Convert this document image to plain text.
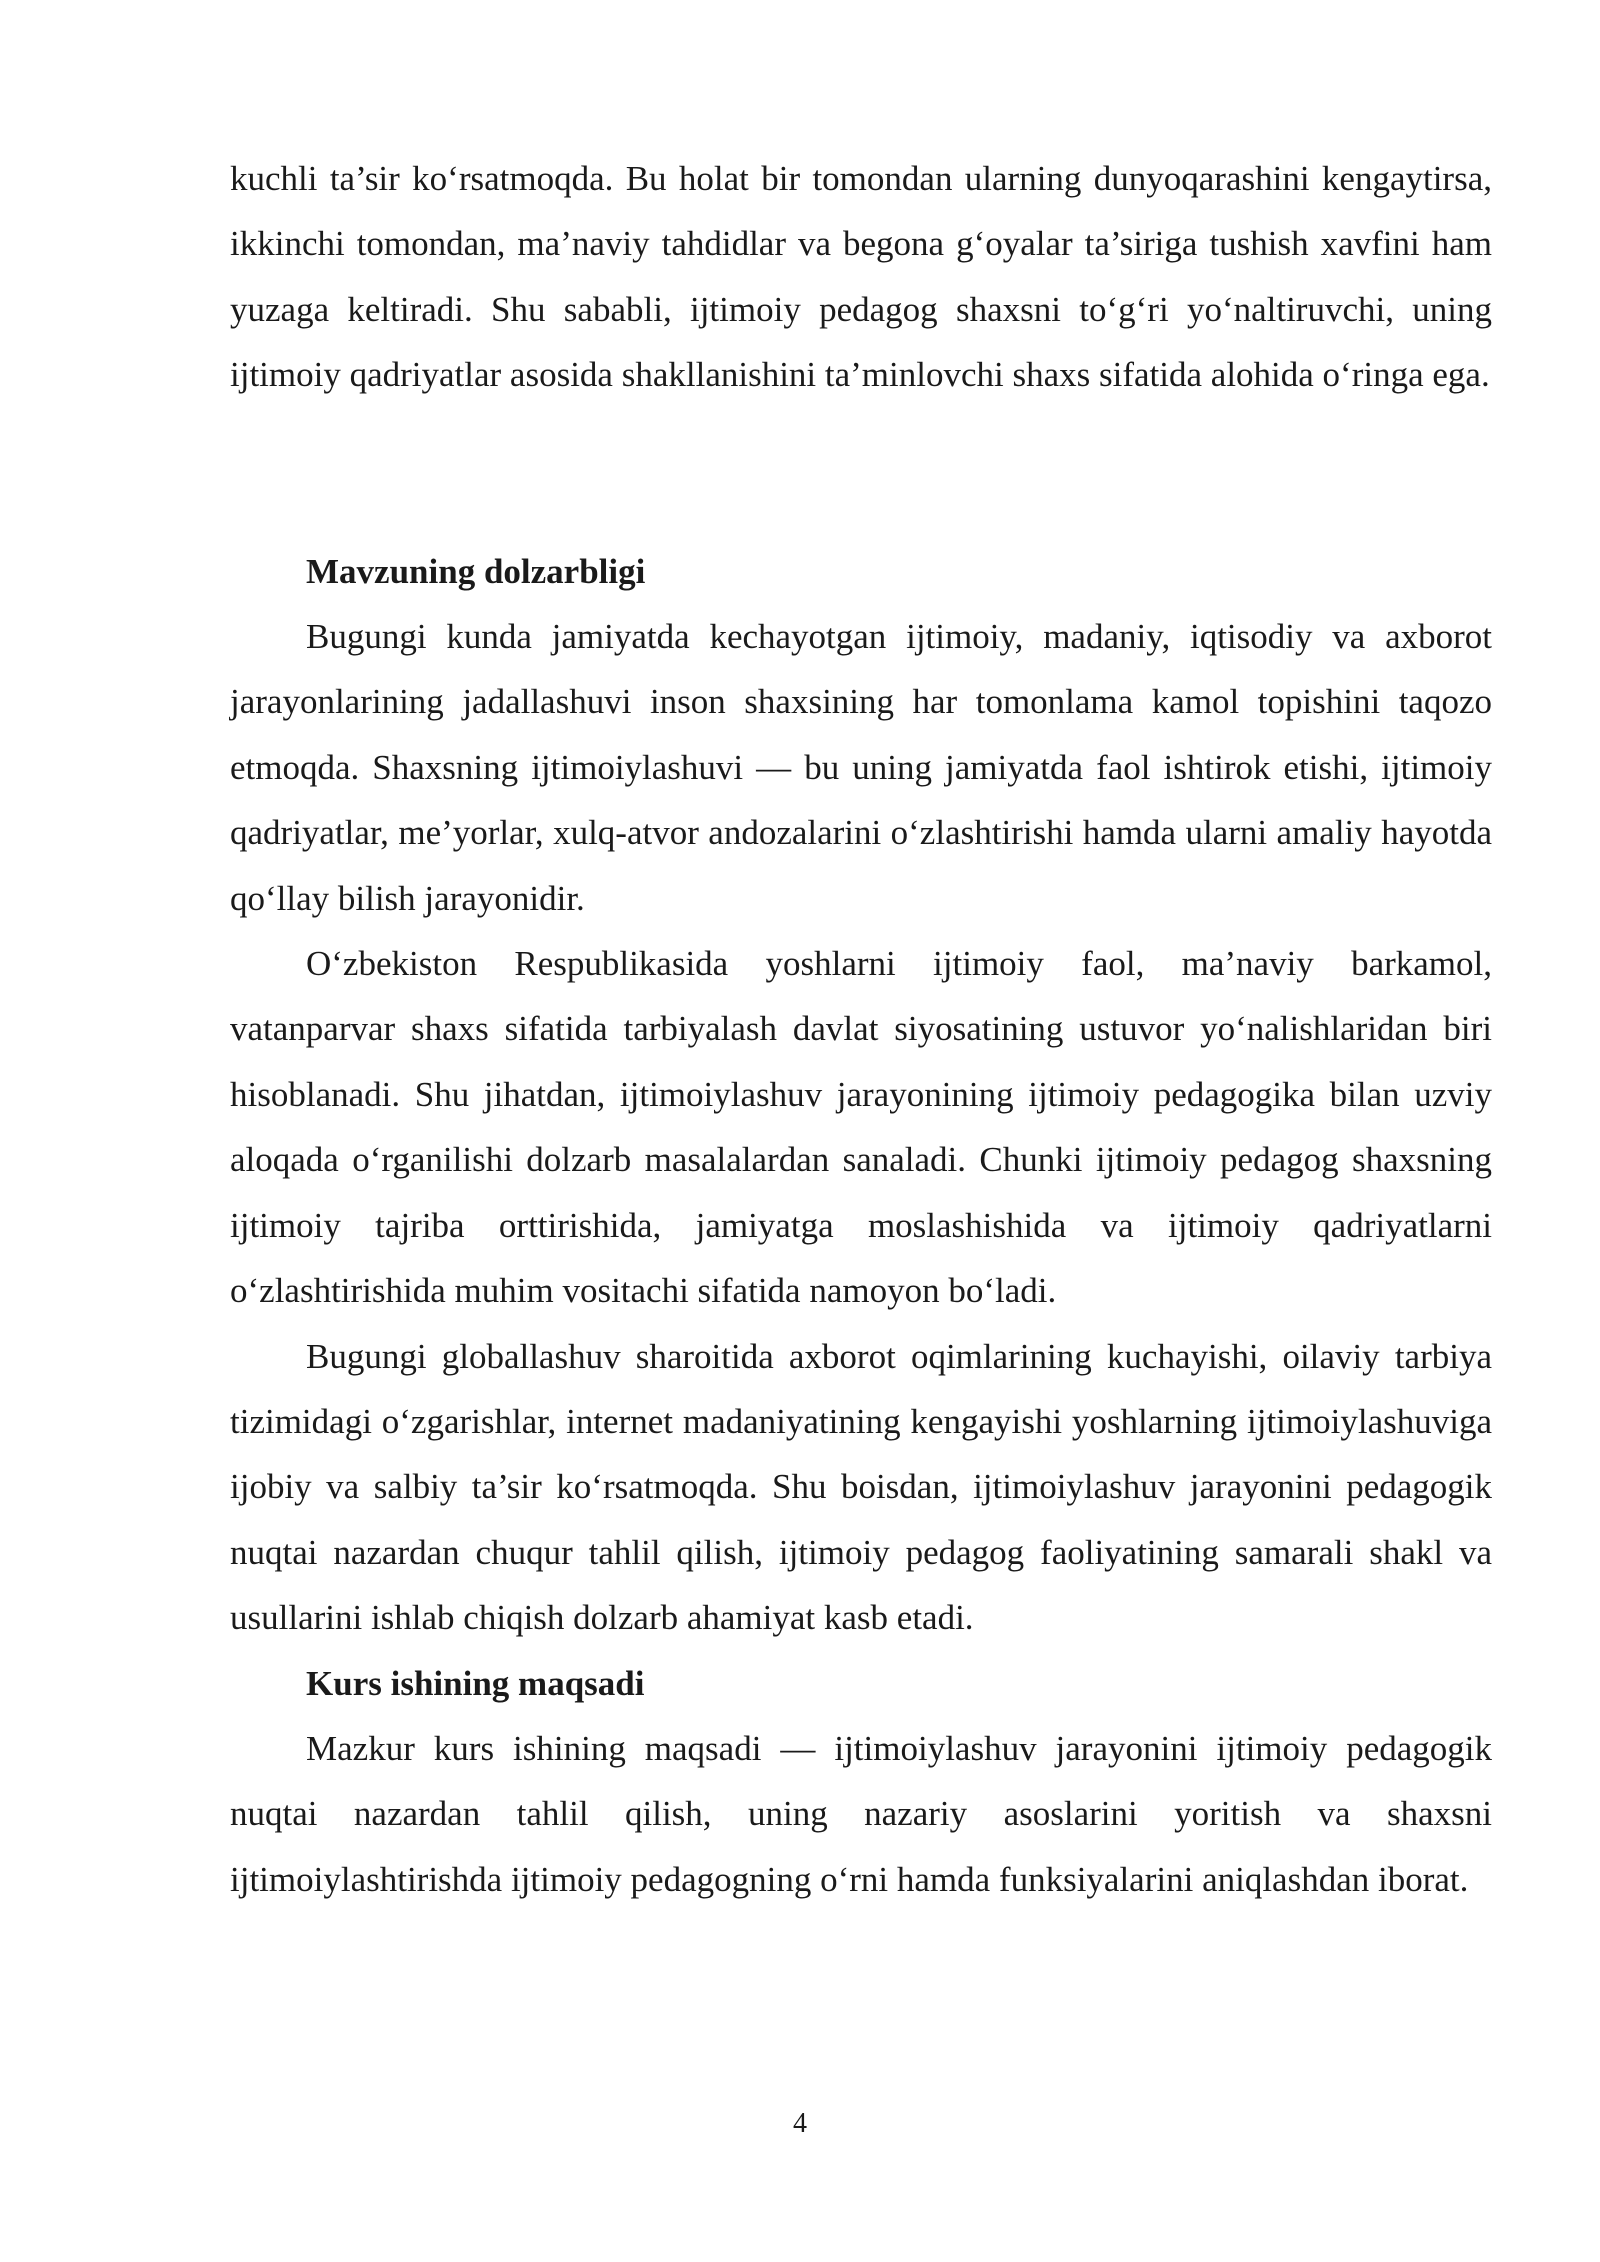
kuchli ta’sir ko‘rsatmoqda. Bu holat bir tomondan ularning dunyoqarashini kengaytirsa, ikkinchi tomondan, ma’naviy tahdidlar va begona g‘oyalar ta’siriga tushish xavfini ham yuzaga keltiradi. Shu sababli, ijtimoiy pedagog shaxsni to‘g‘ri yo‘naltiruvchi, uning ijtimoiy qadriyatlar asosida shakllanishini ta’minlovchi shaxs sifatida alohida o‘ringa ega.

Mavzuning dolzarbligi

Bugungi kunda jamiyatda kechayotgan ijtimoiy, madaniy, iqtisodiy va axborot jarayonlarining jadallashuvi inson shaxsining har tomonlama kamol topishini taqozo etmoqda. Shaxsning ijtimoiylashuvi — bu uning jamiyatda faol ishtirok etishi, ijtimoiy qadriyatlar, me’yorlar, xulq-atvor andozalarini o‘zlashtirishi hamda ularni amaliy hayotda qo‘llay bilish jarayonidir.

O‘zbekiston Respublikasida yoshlarni ijtimoiy faol, ma’naviy barkamol, vatanparvar shaxs sifatida tarbiyalash davlat siyosatining ustuvor yo‘nalishlaridan biri hisoblanadi. Shu jihatdan, ijtimoiylashuv jarayonining ijtimoiy pedagogika bilan uzviy aloqada o‘rganilishi dolzarb masalalardan sanaladi. Chunki ijtimoiy pedagog shaxsning ijtimoiy tajriba orttirishida, jamiyatga moslashishida va ijtimoiy qadriyatlarni o‘zlashtirishida muhim vositachi sifatida namoyon bo‘ladi.

Bugungi globallashuv sharoitida axborot oqimlarining kuchayishi, oilaviy tarbiya tizimidagi o‘zgarishlar, internet madaniyatining kengayishi yoshlarning ijtimoiylashuviga ijobiy va salbiy ta’sir ko‘rsatmoqda. Shu boisdan, ijtimoiylashuv jarayonini pedagogik nuqtai nazardan chuqur tahlil qilish, ijtimoiy pedagog faoliyatining samarali shakl va usullarini ishlab chiqish dolzarb ahamiyat kasb etadi.

Kurs ishining maqsadi

Mazkur kurs ishining maqsadi — ijtimoiylashuv jarayonini ijtimoiy pedagogik nuqtai nazardan tahlil qilish, uning nazariy asoslarini yoritish va shaxsni ijtimoiylashtirishda ijtimoiy pedagogning o‘rni hamda funksiyalarini aniqlashdan iborat.

4
